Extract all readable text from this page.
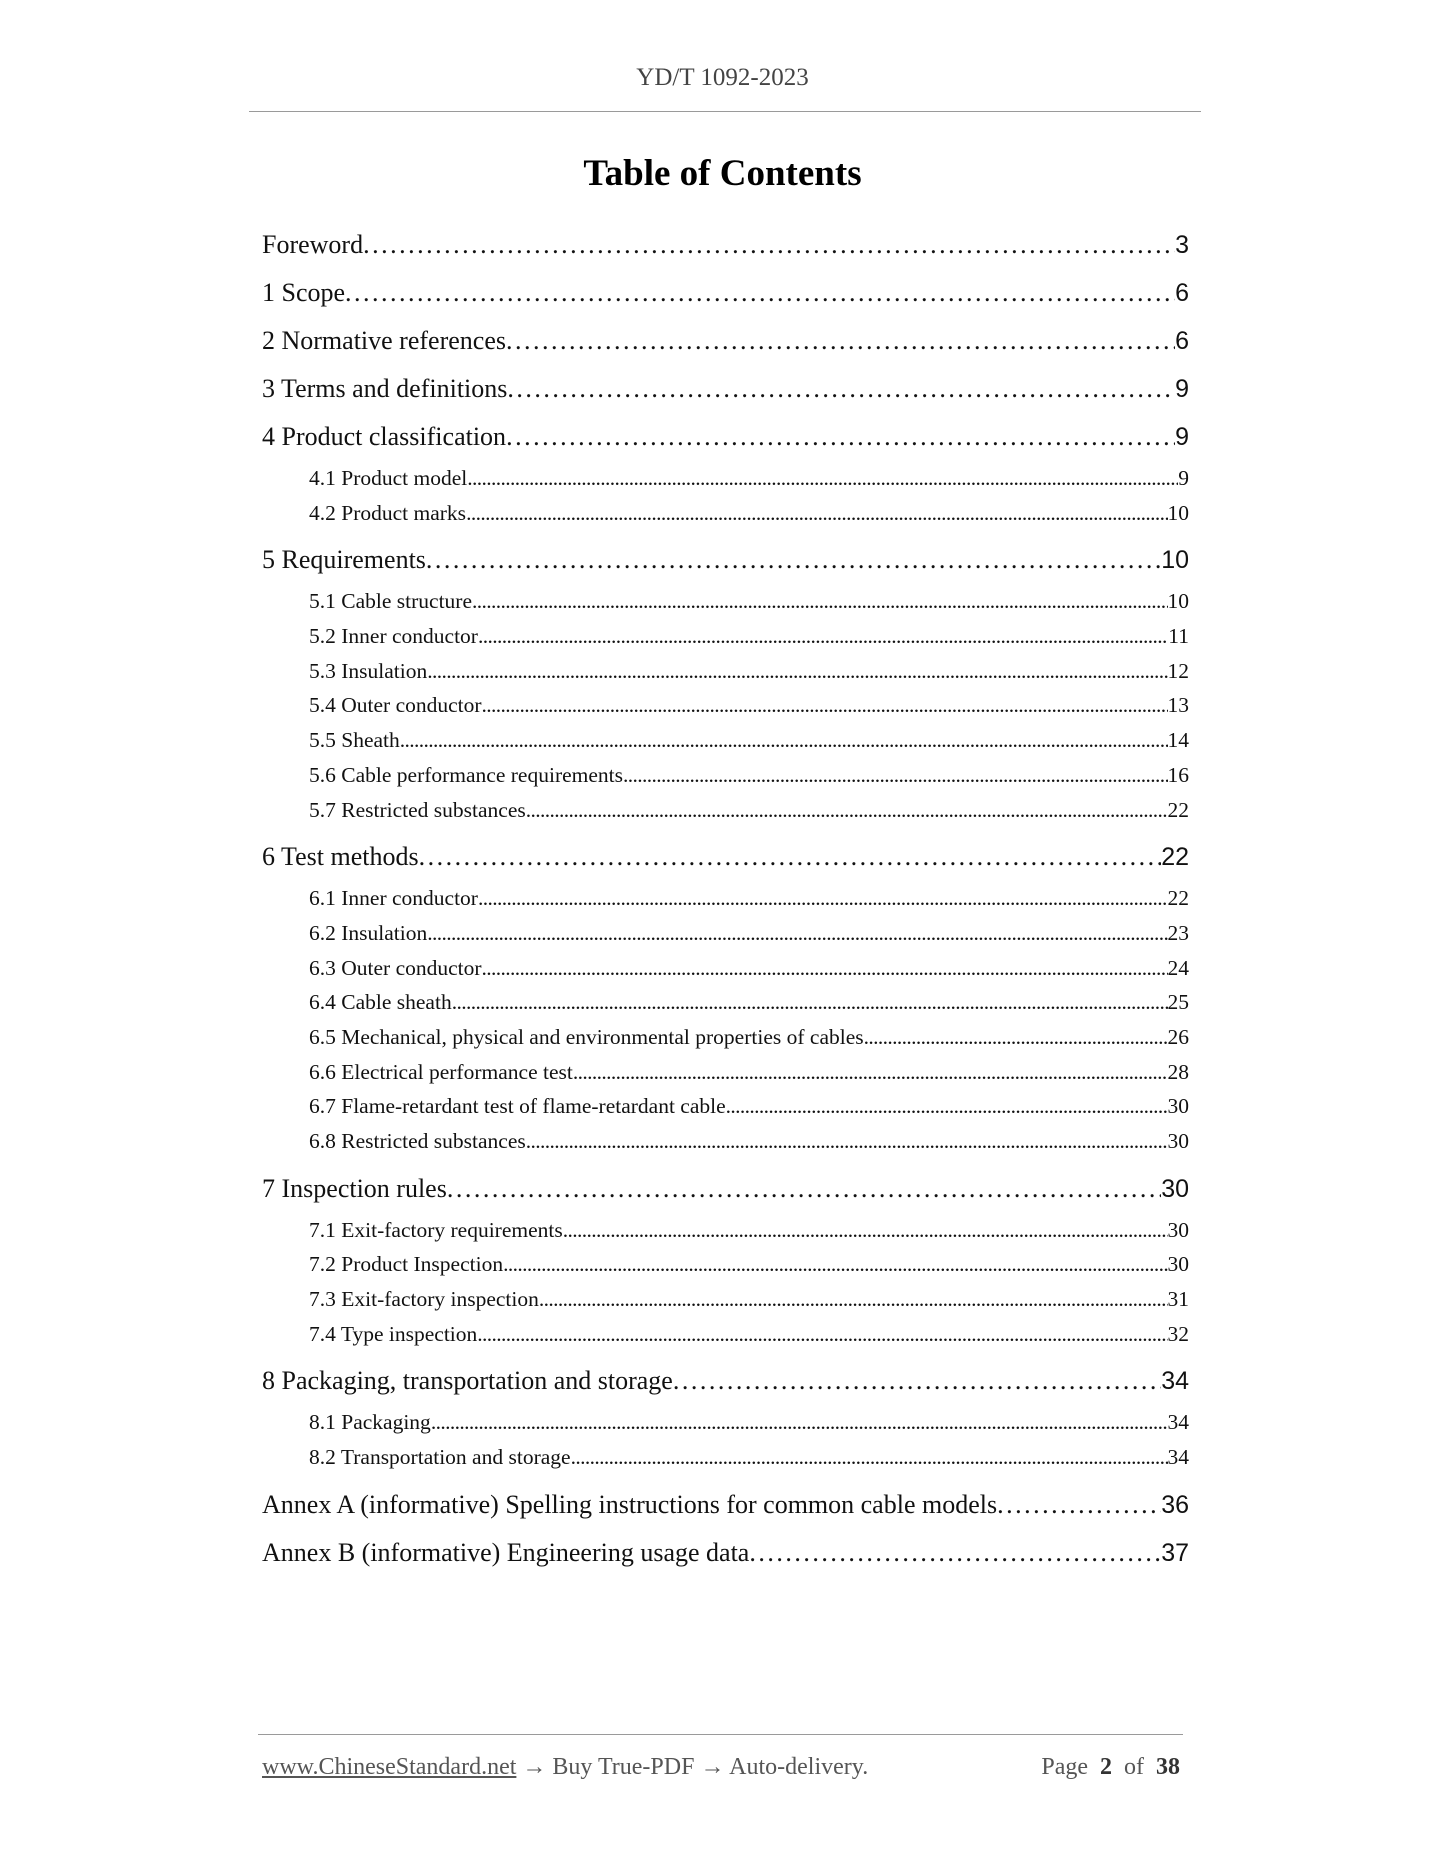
YD/T 1092-2023
Table of Contents
Foreword . . .	3
1 Scope . . .	6
2 Normative references . . .	6
3 Terms and definitions . . .	9
4 Product classification . . .	9
4.1 Product model . . .	9
4.2 Product marks . . .	10
5 Requirements . . .	10
5.1 Cable structure . . .	10
5.2 Inner conductor . . .	11
5.3 Insulation . . .	12
5.4 Outer conductor . . .	13
5.5 Sheath . . .	14
5.6 Cable performance requirements . . .	16
5.7 Restricted substances . . .	22
6 Test methods . . .	22
6.1 Inner conductor . . .	22
6.2 Insulation . . .	23
6.3 Outer conductor . . .	24
6.4 Cable sheath . . .	25
6.5 Mechanical, physical and environmental properties of cables . . .	26
6.6 Electrical performance test . . .	28
6.7 Flame-retardant test of flame-retardant cable . . .	30
6.8 Restricted substances . . .	30
7 Inspection rules . . .	30
7.1 Exit-factory requirements . . .	30
7.2 Product Inspection . . .	30
7.3 Exit-factory inspection . . .	31
7.4 Type inspection . . .	32
8 Packaging, transportation and storage . . .	34
8.1 Packaging . . .	34
8.2 Transportation and storage . . .	34
Annex A (informative) Spelling instructions for common cable models . . .	36
Annex B (informative) Engineering usage data . . .	37
www.ChineseStandard.net → Buy True-PDF → Auto-delivery.	Page 2 of 38
